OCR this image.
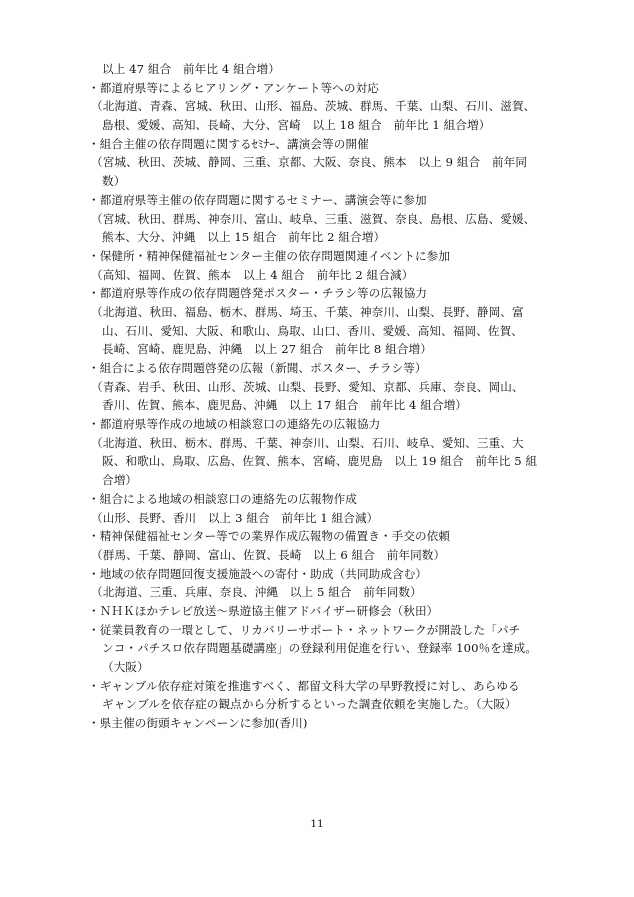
以上 47 組合　前年比 4 組合増）
・都道府県等によるヒアリング・アンケート等への対応
（北海道、青森、宮城、秋田、山形、福島、茨城、群馬、千葉、山梨、石川、滋賀、
島根、愛媛、高知、長崎、大分、宮崎　以上 18 組合　前年比 1 組合増）
・組合主催の依存問題に関するｾﾐﾅｰ、講演会等の開催
（宮城、秋田、茨城、静岡、三重、京都、大阪、奈良、熊本　以上 9 組合　前年同
数）
・都道府県等主催の依存問題に関するセミナー、講演会等に参加
（宮城、秋田、群馬、神奈川、富山、岐阜、三重、滋賀、奈良、島根、広島、愛媛、
熊本、大分、沖縄　以上 15 組合　前年比 2 組合増）
・保健所・精神保健福祉センター主催の依存問題関連イベントに参加
（高知、福岡、佐賀、熊本　以上 4 組合　前年比 2 組合減）
・都道府県等作成の依存問題啓発ポスター・チラシ等の広報協力
（北海道、秋田、福島、栃木、群馬、埼玉、千葉、神奈川、山梨、長野、静岡、富
山、石川、愛知、大阪、和歌山、鳥取、山口、香川、愛媛、高知、福岡、佐賀、
長崎、宮崎、鹿児島、沖縄　以上 27 組合　前年比 8 組合増）
・組合による依存問題啓発の広報（新聞、ポスター、チラシ等）
（青森、岩手、秋田、山形、茨城、山梨、長野、愛知、京都、兵庫、奈良、岡山、
香川、佐賀、熊本、鹿児島、沖縄　以上 17 組合　前年比 4 組合増）
・都道府県等作成の地域の相談窓口の連絡先の広報協力
（北海道、秋田、栃木、群馬、千葉、神奈川、山梨、石川、岐阜、愛知、三重、大
阪、和歌山、鳥取、広島、佐賀、熊本、宮崎、鹿児島　以上 19 組合　前年比 5 組
合増）
・組合による地域の相談窓口の連絡先の広報物作成
（山形、長野、香川　以上 3 組合　前年比 1 組合減）
・精神保健福祉センター等での業界作成広報物の備置き・手交の依頼
（群馬、千葉、静岡、富山、佐賀、長崎　以上 6 組合　前年同数）
・地域の依存問題回復支援施設への寄付・助成（共同助成含む）
（北海道、三重、兵庫、奈良、沖縄　以上 5 組合　前年同数）
・ＮＨＫほかテレビ放送～県遊協主催アドバイザー研修会（秋田）
・従業員教育の一環として、リカバリーサポート・ネットワークが開設した「パチ
ンコ・パチスロ依存問題基礎講座」の登録利用促進を行い、登録率 100％を達成。
（大阪）
・ギャンブル依存症対策を推進すべく、都留文科大学の早野教授に対し、あらゆる
ギャンブルを依存症の観点から分析するといった調査依頼を実施した。（大阪）
・県主催の街頭キャンペーンに参加(香川)
11
